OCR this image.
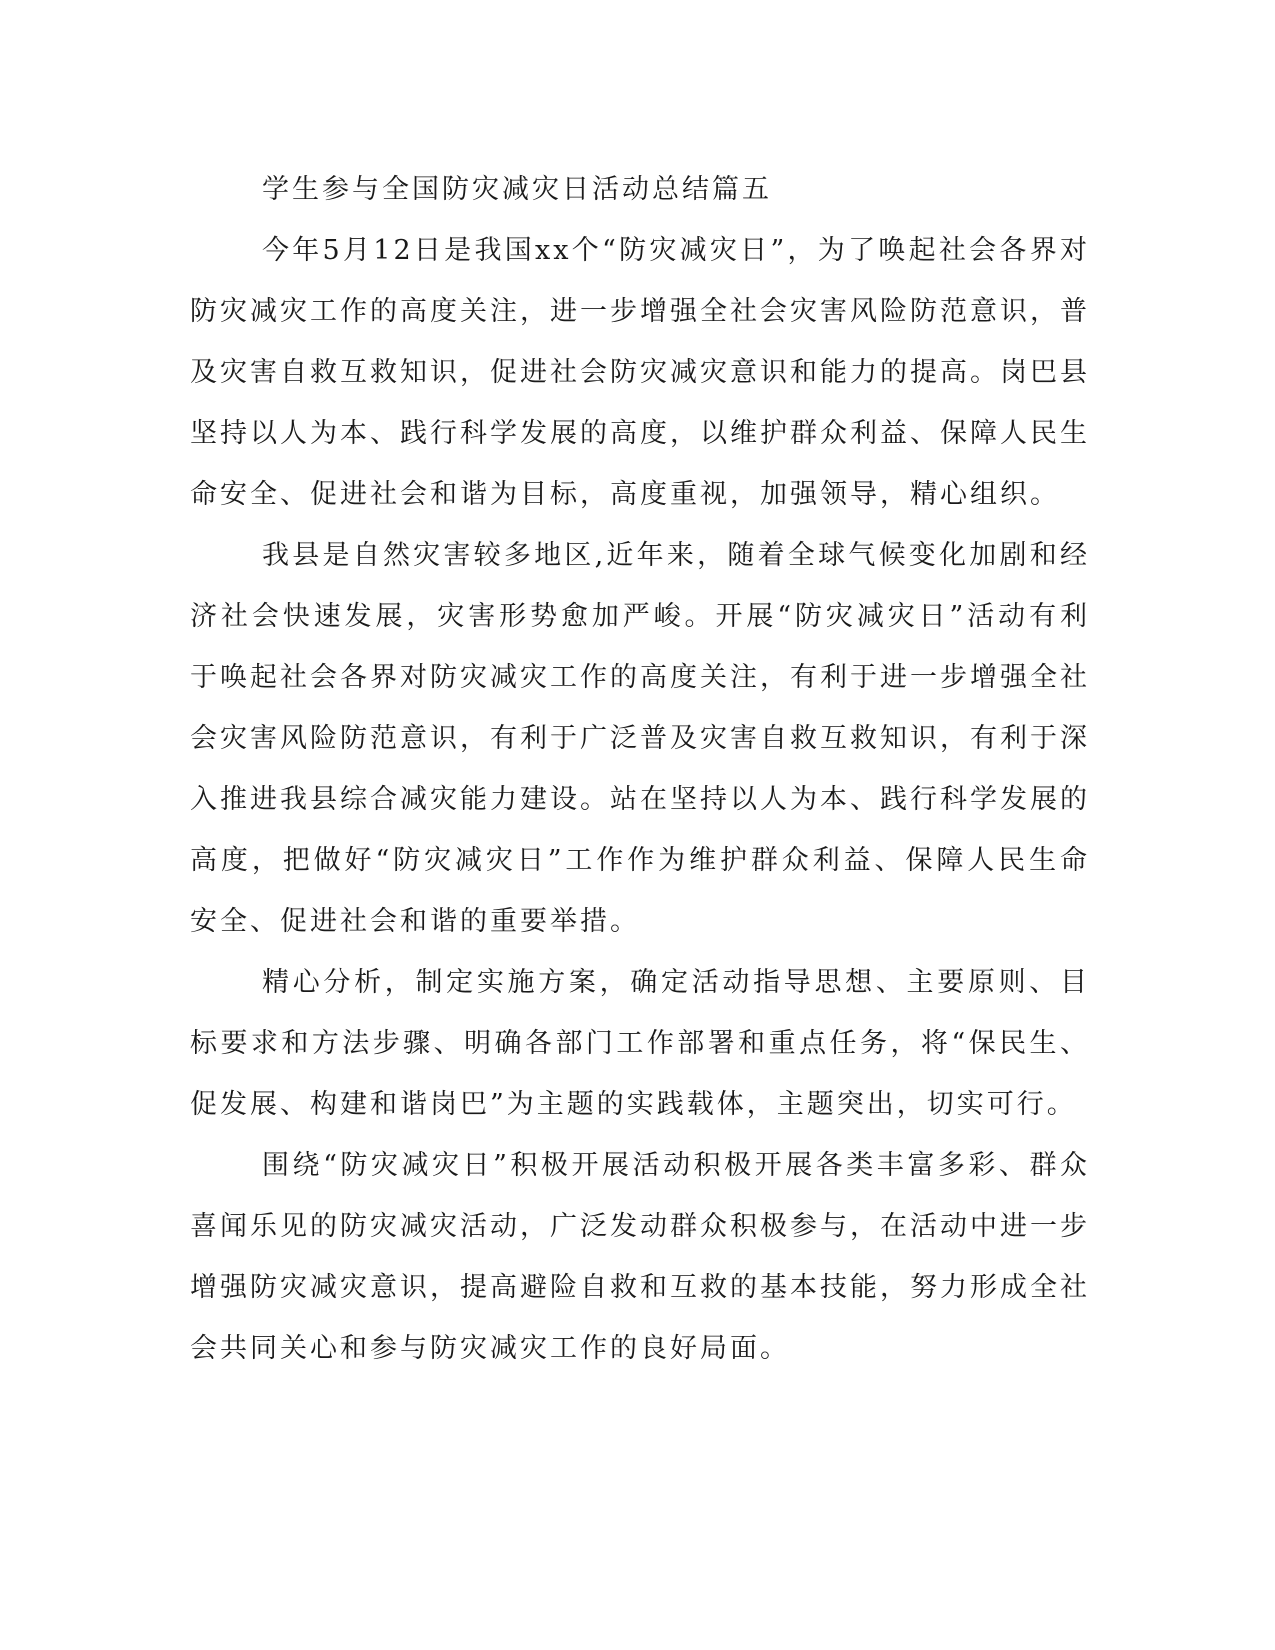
学生参与全国防灾减灾日活动总结篇五

今年5月12日是我国xx个“防灾减灾日”，为了唤起社会各界对防灾减灾工作的高度关注，进一步增强全社会灾害风险防范意识，普及灾害自救互救知识，促进社会防灾减灾意识和能力的提高。岗巴县坚持以人为本、践行科学发展的高度，以维护群众利益、保障人民生命安全、促进社会和谐为目标，高度重视，加强领导，精心组织。

我县是自然灾害较多地区,近年来，随着全球气候变化加剧和经济社会快速发展，灾害形势愈加严峻。开展“防灾减灾日”活动有利于唤起社会各界对防灾减灾工作的高度关注，有利于进一步增强全社会灾害风险防范意识，有利于广泛普及灾害自救互救知识，有利于深入推进我县综合减灾能力建设。站在坚持以人为本、践行科学发展的高度，把做好“防灾减灾日”工作作为维护群众利益、保障人民生命安全、促进社会和谐的重要举措。

精心分析，制定实施方案，确定活动指导思想、主要原则、目标要求和方法步骤、明确各部门工作部署和重点任务，将“保民生、促发展、构建和谐岗巴”为主题的实践载体，主题突出，切实可行。

围绕“防灾减灾日”积极开展活动积极开展各类丰富多彩、群众喜闻乐见的防灾减灾活动，广泛发动群众积极参与，在活动中进一步增强防灾减灾意识，提高避险自救和互救的基本技能，努力形成全社会共同关心和参与防灾减灾工作的良好局面。
